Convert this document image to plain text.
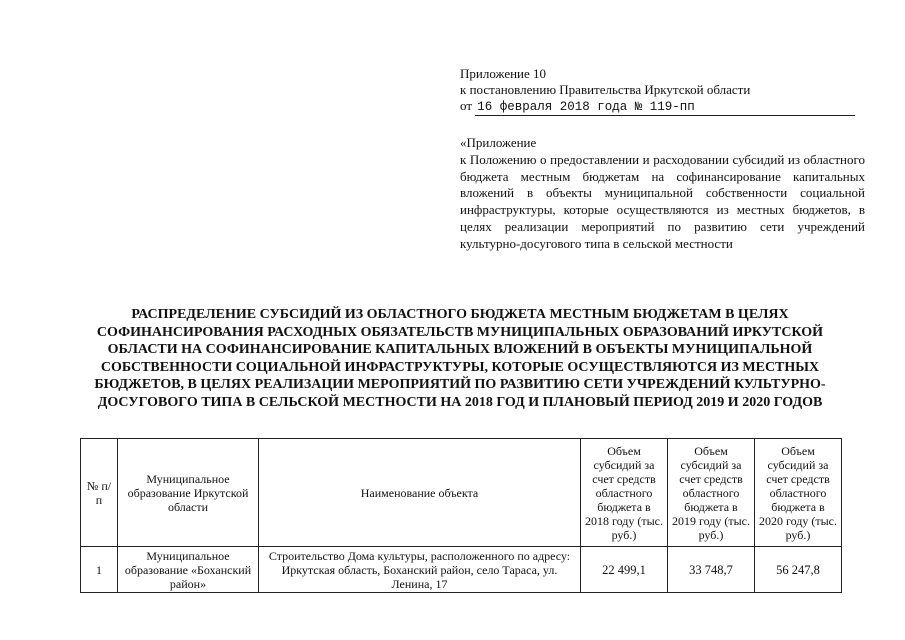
Приложение 10
к постановлению Правительства Иркутской области
от 16 февраля 2018 года № 119-пп
«Приложение
к Положению о предоставлении и расходовании субсидий из областного бюджета местным бюджетам на софинансирование капитальных вложений в объекты муниципальной собственности социальной инфраструктуры, которые осуществляются из местных бюджетов, в целях реализации мероприятий по развитию сети учреждений культурно-досугового типа в сельской местности
РАСПРЕДЕЛЕНИЕ СУБСИДИЙ ИЗ ОБЛАСТНОГО БЮДЖЕТА МЕСТНЫМ БЮДЖЕТАМ В ЦЕЛЯХ СОФИНАНСИРОВАНИЯ РАСХОДНЫХ ОБЯЗАТЕЛЬСТВ МУНИЦИПАЛЬНЫХ ОБРАЗОВАНИЙ ИРКУТСКОЙ ОБЛАСТИ НА СОФИНАНСИРОВАНИЕ КАПИТАЛЬНЫХ ВЛОЖЕНИЙ В ОБЪЕКТЫ МУНИЦИПАЛЬНОЙ СОБСТВЕННОСТИ СОЦИАЛЬНОЙ ИНФРАСТРУКТУРЫ, КОТОРЫЕ ОСУЩЕСТВЛЯЮТСЯ ИЗ МЕСТНЫХ БЮДЖЕТОВ, В ЦЕЛЯХ РЕАЛИЗАЦИИ МЕРОПРИЯТИЙ ПО РАЗВИТИЮ СЕТИ УЧРЕЖДЕНИЙ КУЛЬТУРНО-ДОСУГОВОГО ТИПА В СЕЛЬСКОЙ МЕСТНОСТИ НА 2018 ГОД И ПЛАНОВЫЙ ПЕРИОД 2019 И 2020 ГОДОВ
№ п/п	Муниципальное образование Иркутской области	Наименование объекта	Объем субсидий за счет средств областного бюджета в 2018 году (тыс. руб.)	Объем субсидий за счет средств областного бюджета в 2019 году (тыс. руб.)	Объем субсидий за счет средств областного бюджета в 2020 году (тыс. руб.)
1	Муниципальное образование «Боханский район»	Строительство Дома культуры, расположенного по адресу: Иркутская область, Боханский район, село Тараса, ул. Ленина, 17	22 499,1	33 748,7	56 247,8
